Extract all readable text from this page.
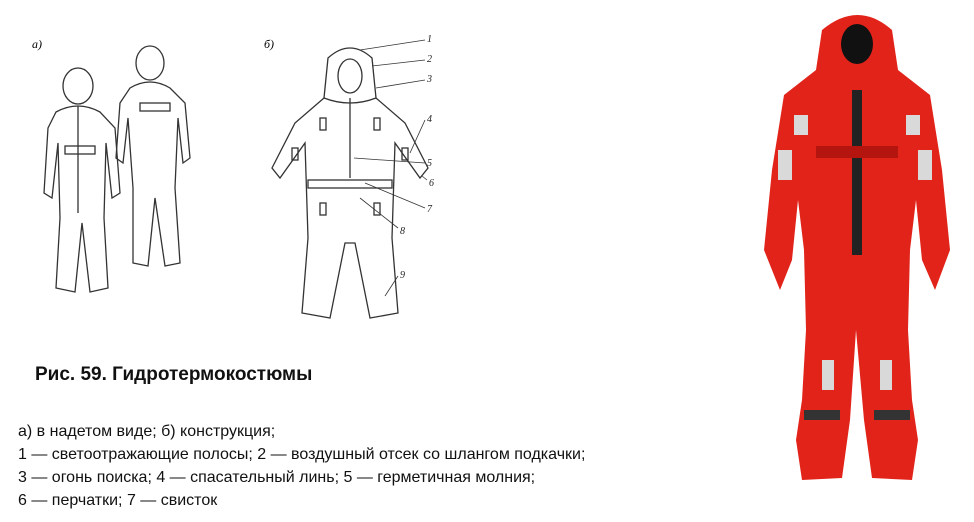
а)	б)	1
2
3
4
5
6
7
8
9
Рис. 59. Гидротермокостюмы
а) в надетом виде; б) конструкция;
1 — светоотражающие полосы; 2 — воздушный отсек со шлангом подкачки;
3 — огонь поиска; 4 — спасательный линь; 5 — герметичная молния;
6 — перчатки; 7 — свисток
